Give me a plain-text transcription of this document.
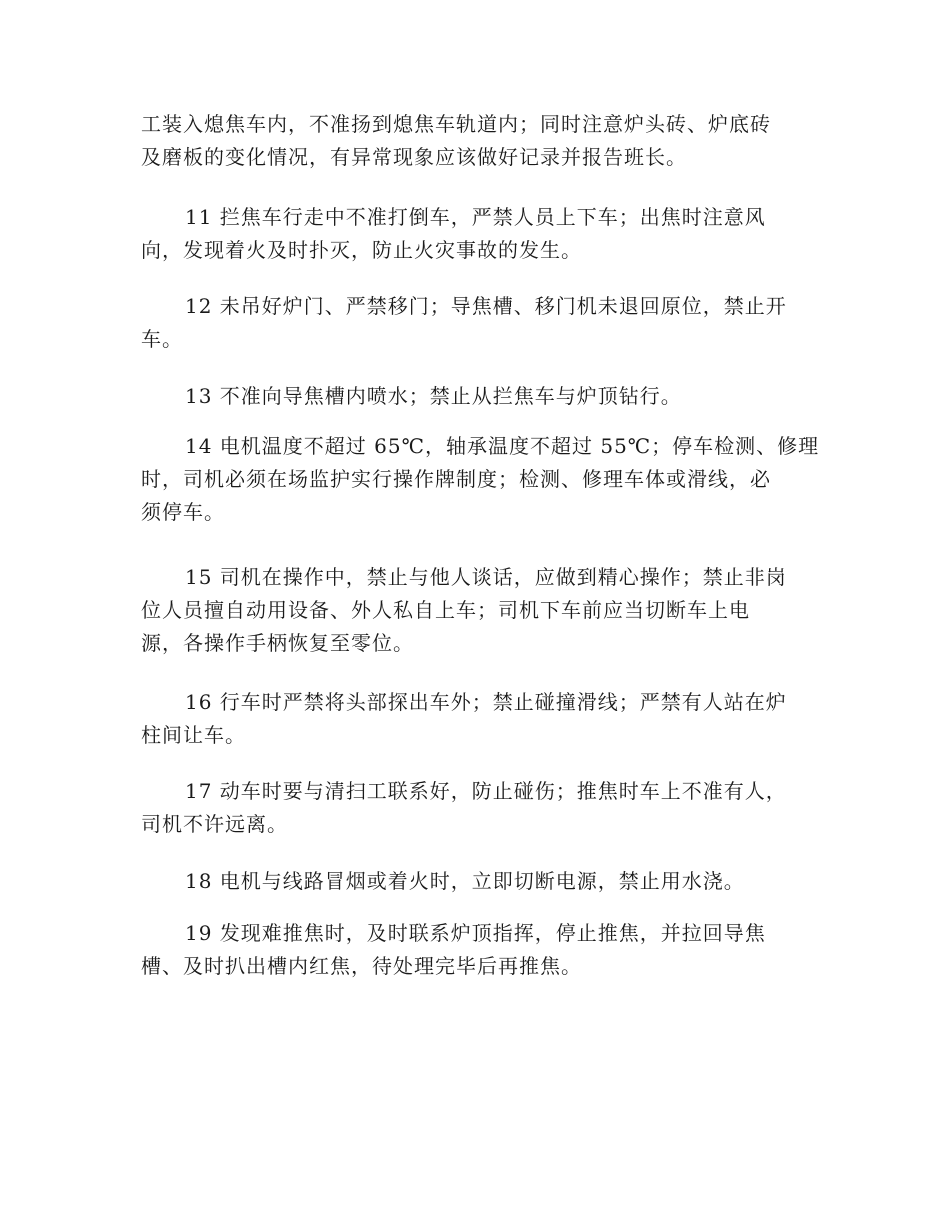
工装入熄焦车内，不准扬到熄焦车轨道内；同时注意炉头砖、炉底砖
及磨板的变化情况，有异常现象应该做好记录并报告班长。

11 拦焦车行走中不准打倒车，严禁人员上下车；出焦时注意风
向，发现着火及时扑灭，防止火灾事故的发生。

12 未吊好炉门、严禁移门；导焦槽、移门机未退回原位，禁止开
车。

13 不准向导焦槽内喷水；禁止从拦焦车与炉顶钻行。

14 电机温度不超过 65℃，轴承温度不超过 55℃；停车检测、修理
时，司机必须在场监护实行操作牌制度；检测、修理车体或滑线，必
须停车。

15 司机在操作中，禁止与他人谈话，应做到精心操作；禁止非岗
位人员擅自动用设备、外人私自上车；司机下车前应当切断车上电
源，各操作手柄恢复至零位。

16 行车时严禁将头部探出车外；禁止碰撞滑线；严禁有人站在炉
柱间让车。

17 动车时要与清扫工联系好，防止碰伤；推焦时车上不准有人，
司机不许远离。

18 电机与线路冒烟或着火时，立即切断电源，禁止用水浇。

19 发现难推焦时，及时联系炉顶指挥，停止推焦，并拉回导焦
槽、及时扒出槽内红焦，待处理完毕后再推焦。
